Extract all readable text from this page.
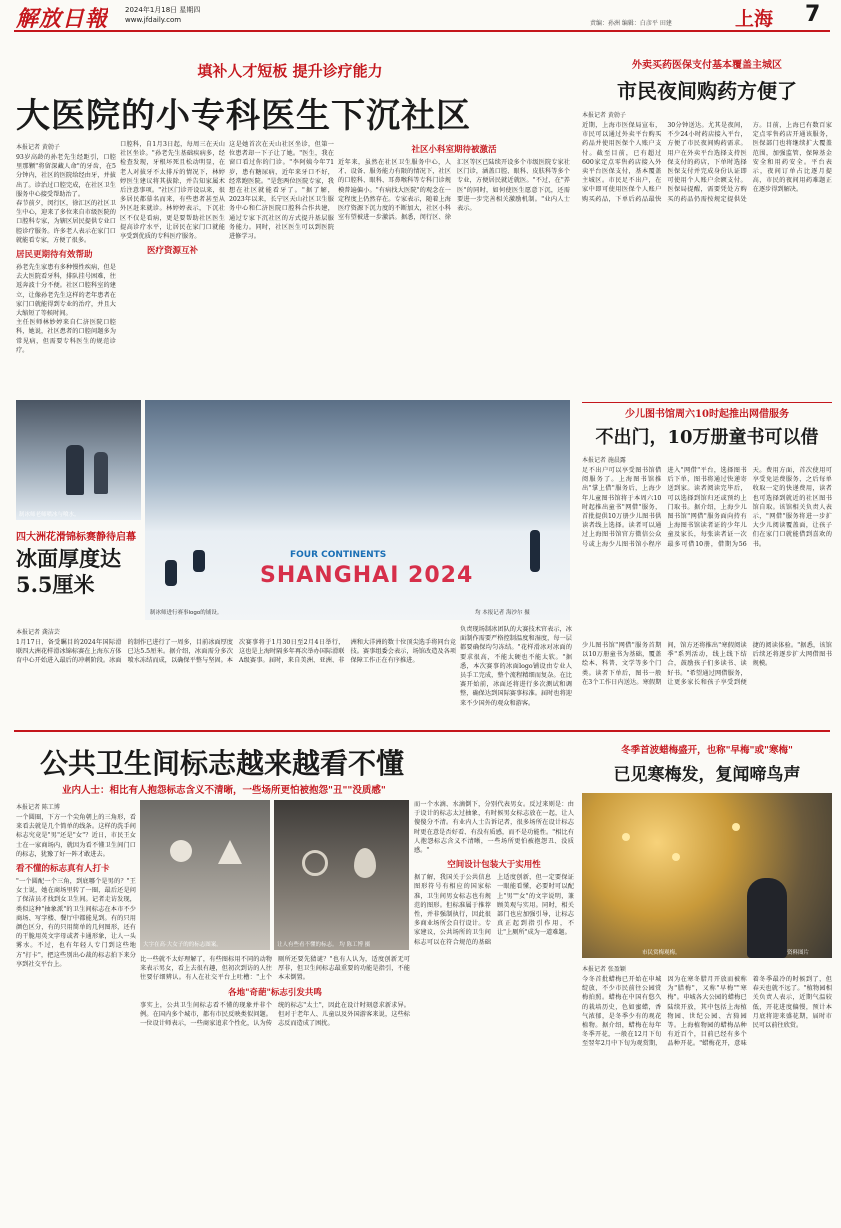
解放日報 2024年1月18日 星期四
www.jfdaily.com	责编：孙洲 编辑：白彦平 田建	上海 7
填补人才短板 提升诊疗能力
大医院的小专科医生下沉社区
本报记者 黄勍子

93岁高龄的孙老先生经距引，口腔里那颗"将留深藏人命"的牙齿，在5分钟内，社区的医院给经由牙，并拔出了。诊治过口腔完成，在社区卫生服务中心接受帮助治了。

春节前夕，闵行区，徐汇区的社区卫生中心，迎来了多位来自市级医院的口腔科专家，为辖区居民提供专业口腔诊疗服务。许多老人表示在家门口就能看专家，方便了很多。

居民更期待有效帮助

孙老先生家患有多种慢性疾病，但是去大医院看牙科，排队挂号困难，往返奔波十分不便。社区口腔科室的建立，让像孙老先生这样的老年患者在家门口就能得到专业的治疗，并且大大缩短了等候时间。

主任医师林妙婷来自仁济医院口腔科，她说，社区患者的口腔问题多为常见病，但需要专科医生的规范诊疗。

口腔科，自1月3日起，每周三在天山社区坐诊。"孙老先生基础疾病多，经检查发现，牙根坏死且松动明显，在老人对拔牙不太排斥的情况下，林婷婷医生建议将其拔除，并告知家属术后注意事项。"社区门诊开设以来，很多居民都慕名而来，有些患者甚至从外区赶来就诊。林婷婷表示，下沉社区不仅是看病，更是要帮助社区医生提高诊疗水平，让居民在家门口就能享受到优质的专科医疗服务。

医疗资源互补

这是她首次在天山社区坐诊，但第一位患者却一下子让了她。"医生，我在窗口看过你的门诊。"李阿姨今年71岁，患有糖尿病，近年来牙口不好，经常跑医院。"是您两位医院专家，我想在社区就能看牙了。"据了解，2023年以来，长宁区天山社区卫生服务中心和仁济医院口腔科合作共建，通过专家下沉社区的方式提升基层服务能力。同时，社区医生可以到医院进修学习。

社区小科室期待被激活

近年来，虽然在社区卫生服务中心，人才、设备、服务能力有限的情况下，社区的口腔科、眼科、耳鼻喉科等专科门诊规模普遍偏小。"有病找大医院"的观念在一定程度上仍然存在。专家表示，随着上海医疗资源下沉力度的不断加大，社区小科室有望被进一步激活。据悉，闵行区、徐汇区等区已陆续开设多个市级医院专家社区门诊，涵盖口腔、眼科、皮肤科等多个专业，方便居民就近就医。"不过，在"养医"的同时，如何使医生愿意下沉，还需要进一步完善相关激励机制。"业内人士表示。

外卖买药医保支付基本覆盖主城区
市民夜间购药方便了
本报记者 黄勍子

近期，上海市医保局宣布，市民可以通过外卖平台购买药品并使用医保个人账户支付。截至目前，已有超过600家定点零售药店接入外卖平台医保支付，基本覆盖主城区。市民足不出户，在家中即可使用医保个人账户购买药品，下单后药品最快30分钟送达。尤其是夜间，不少24小时药店接入平台，方便了市民夜间购药需求。用户在外卖平台选择支持医保支付的药店，下单时选择医保支付并完成身份认证即可使用个人账户余额支付。医保局提醒，需要凭处方购买的药品仍需按规定提供处方。目前，上海已有数百家定点零售药店开通该服务，医保部门也将继续扩大覆盖范围，加强监管，保障基金安全和用药安全。平台表示，夜间订单占比逐月提高，市民的夜间用药难题正在逐步得到解决。

少儿图书馆周六10时起推出网借服务
不出门，10万册童书可以借
本报记者 施晨露

足不出户可以享受图书馆借阅服务了。上海图书馆推出"掌上借"服务后，上海少年儿童图书馆将于本周六10时起推出童书"网借"服务，首批提供10万册少儿图书供读者线上选择。读者可以通过上海图书馆官方微信公众号或上海少儿图书馆小程序进入"网借"平台，选择图书后下单，图书将通过快递寄送到家。读者阅读完毕后，可以选择到馆归还或预约上门取书。据介绍，上海少儿图书馆"网借"服务面向持有上海图书馆读者证的少年儿童及家长，每张读者证一次最多可借10册，借期为56天。费用方面，首次使用可享受免运费服务，之后每单收取一定的快递费用，读者也可选择到就近的社区图书馆自取。该馆相关负责人表示，"网借"服务将进一步扩大少儿阅读覆盖面，让孩子们在家门口就能借到喜欢的书。

少儿图书馆"网借"服务首期以10万册童书为基础，覆盖绘本、科普、文学等多个门类。读者下单后，图书一般在3个工作日内送达。寒假期间，馆方还将推出"寒假阅读季"系列活动，线上线下结合，鼓励孩子们多读书、读好书。"希望通过网借服务，让更多家长和孩子享受到便捷的阅读体验。"据悉，该馆后续还将逐步扩大网借图书规模。

制冰师老师喷冰与喷水。
FOUR CONTINENTS
SHANGHAI 2024
制冰师进行赛事logo的铺设。	均 本报记者 海沙尔 摄
四大洲花滑锦标赛静待启幕
冰面厚度达5.5厘米
本报记者 龚洁芸

1月17日，备受瞩目的2024年国际滑联四大洲花样滑冰锦标赛在上海东方体育中心开始进入最后的冲刺阶段。冰面的制作已进行了一周多，目前冰面厚度已达5.5厘米。据介绍，冰面需分多次喷水冻结而成，以确保平整与坚固。本次赛事将于1月30日至2月4日举行，这也是上海时隔多年再次举办国际滑联A级赛事。届时，来自美洲、亚洲、非洲和大洋洲的数十位顶尖选手将同台竞技。赛事组委会表示，场馆改造及各项保障工作正在有序推进。

负责现场制冰团队的大赛技术官表示，冰面制作需要严格控制温度和湿度，每一层都要确保均匀冻结。"花样滑冰对冰面的要求很高，不能太硬也不能太软。"据悉，本次赛事的冰面logo铺设由专业人员手工完成，整个流程精细而复杂。在比赛开始前，冰面还将进行多次测试和调整，确保达到国际赛事标准。届时也将迎来不少国外的观众和游客。

公共卫生间标志越来越看不懂
业内人士：相比有人抱怨标志含义不清晰，一些场所更怕被抱怨"丑""没质感"
本报记者 陈工博

一个圆圈，下方一个尖角朝上的三角形，看来看去就是几个简单的线条。这样的洗手间标志究竟是"男"还是"女"？近日，市民王女士在一家商场内，就因为看不懂卫生间门口的标志，犹豫了好一阵才敢进去。

看不懂的标志真有人打卡

"一个圆配一个三角，到底哪个是男的？"王女士说，她在商场里转了一圈，最后还是问了保洁员才找到女卫生间。记者走访发现，类似这种"抽象派"的卫生间标志在本市不少商场、写字楼、餐厅中都能见到。有的只用颜色区分，有的只用简单的几何图形，还有的干脆用英文字母或者卡通形象，让人一头雾水。不过，也有年轻人专门到这些地方"打卡"，把这些别出心裁的标志拍下来分享到社交平台上。

大字在高·大女子的的标志图案。	让人有些看不懂的标志。 均 陈工博 摄

比一些就不太好理解了，有些图标用不同的动物来表示男女，看上去很有趣，但初次到访的人往往要仔细辨认。有人在社交平台上吐槽："上个厕所还要先猜谜？"也有人认为，适度创新无可厚非，但卫生间标志最重要的功能是指引，不能本末倒置。

各地"奇葩"标志引发共鸣

事实上，公共卫生间标志看不懂的现象并非个例。在国内多个城市，都有市民反映类似问题。一位设计师表示，一些商家追求个性化，认为传统的标志"太土"，因此在设计时刻意求新求异。但对于老年人、儿童以及外国游客来说，这些标志反而造成了困扰。

而一个水滴、水滴倒下，分别代表男女。反过来则是：由于设计的标志太过抽象，有时候男女标志放在一起，让人傻傻分不清。有业内人士告诉记者，很多场所在设计标志时更在意是否好看、有没有质感，而不是功能性。"相比有人抱怨标志含义不清晰，一些场所更怕被抱怨丑、没质感。"

空间设计包装大于实用性

据了解，我国关于公共信息图形符号有相应的国家标准，卫生间男女标志也有规范的图形。但标准属于推荐性，并非强制执行，因此很多商业场所会自行设计。专家建议，公共场所的卫生间标志可以在符合规范的基础上适度创新，但一定要保证一眼能看懂，必要时可以配上"男""女"的文字说明，兼顾美观与实用。同时，相关部门也应加强引导，让标志真正起到指引作用，不让"上厕所"成为一道难题。

冬季首波蜡梅盛开，也称"早梅"或"寒梅"
已见寒梅发，复闻啼鸟声
市民赏梅观梅。	资料图片
本报记者 张盈颖

今冬首批蜡梅已开始在申城绽放，不少市民前往公园赏梅拍照。蜡梅在中国有悠久的栽培历史，色如蜜蜡，香气浓郁，是冬季少有的观花植物。据介绍，蜡梅在每年冬季开花，一般在12月下旬至翌年2月中下旬为观赏期，因为在寒冬腊月开放而被称为"腊梅"，又称"早梅""寒梅"。申城各大公园的蜡梅已陆续开放，其中包括上海植物园、世纪公园、古猗园等。上海植物园的蜡梅品种有近百个，目前已经有多个品种开花。"蜡梅花开，意味着冬季最冷的时候到了，但春天也就不远了。"植物园相关负责人表示，近期气温较低，开花进度偏慢，预计本月底将迎来盛花期，届时市民可以前往欣赏。
